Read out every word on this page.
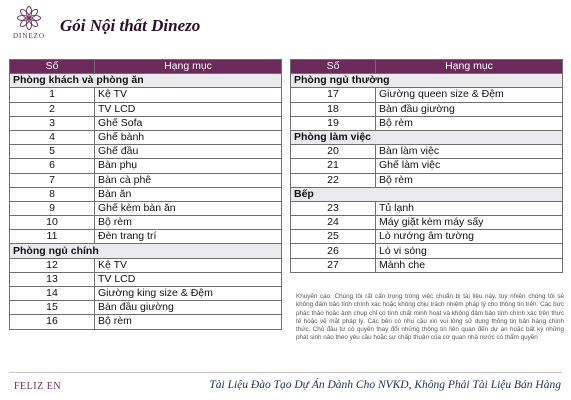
DINEZO
Gói Nội thất Dinezo
Số	Hạng mục
Phòng khách và phòng ăn	
1	Kệ TV
2	TV LCD
3	Ghế Sofa
4	Ghế bành
5	Ghế đầu
6	Bàn phụ
7	Bàn cà phê
8	Bàn ăn
9	Ghế kèm bàn ăn
10	Bộ rèm
11	Đèn trang trí
Phòng ngủ chính	
12	Kệ TV
13	TV LCD
14	Giường king size & Đệm
15	Bàn đầu giường
16	Bộ rèm
Số	Hạng mục
Phòng ngủ thường	
17	Giường queen size & Đệm
18	Bàn đầu giường
19	Bộ rèm
Phòng làm việc	
20	Bàn làm việc
21	Ghế làm việc
22	Bộ rèm
Bếp	
23	Tủ lạnh
24	Máy giặt kèm máy sấy
25	Lò nướng âm tường
26	Lò vi sóng
27	Mành che
Khuyến cáo: Chúng tôi rất cẩn trọng trong việc chuẩn bị tài liệu này, tuy nhiên chúng tôi sẽ không đảm bảo tính chính xác hoặc không chịu trách nhiệm pháp lý cho thông tin trên. Các bức phác thảo hoặc ảnh chụp chỉ có tính chất minh hoạt và không đảm bảo tính chính xác trên thực tế hoặc về mặt pháp lý. Các bên có nhu cầu xin vui lòng sử dụng thông tin bản hàng chính thức. Chủ đầu tư có quyền thay đổi những thông tin liên quan đến dự án hoặc bất kỳ những phát sinh nào theo yêu cầu hoặc sự chấp thuận của cơ quan nhà nước có thẩm quyền
FELIZ EN	Tài Liệu Đào Tạo Dự Án Dành Cho NVKD, Không Phải Tài Liệu Bán Hàng
